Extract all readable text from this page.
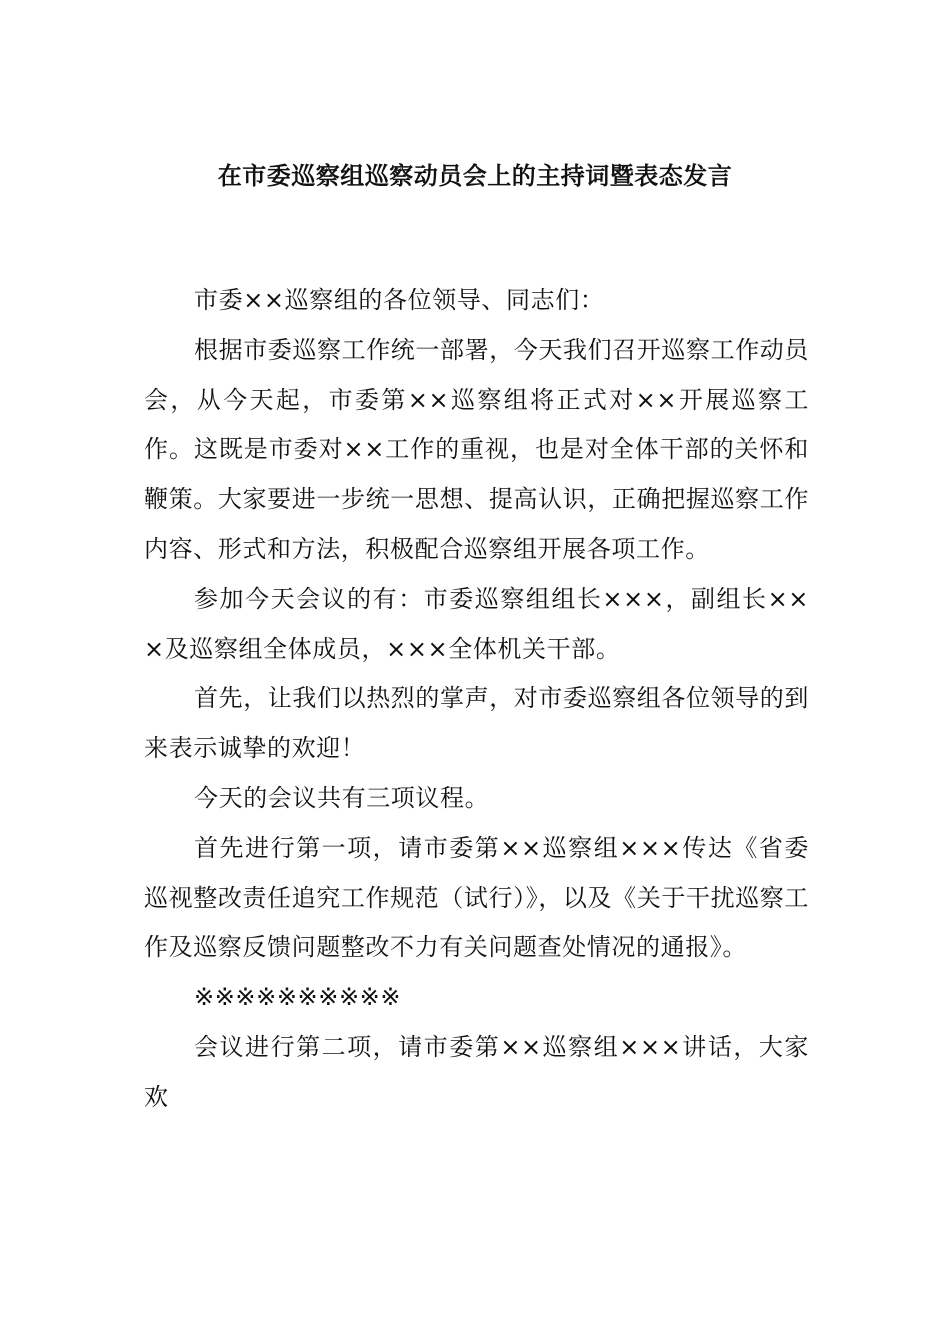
在市委巡察组巡察动员会上的主持词暨表态发言

市委××巡察组的各位领导、同志们：

根据市委巡察工作统一部署，今天我们召开巡察工作动员会，从今天起，市委第××巡察组将正式对××开展巡察工作。这既是市委对××工作的重视，也是对全体干部的关怀和鞭策。大家要进一步统一思想、提高认识，正确把握巡察工作内容、形式和方法，积极配合巡察组开展各项工作。

参加今天会议的有：市委巡察组组长×××，副组长×××及巡察组全体成员，×××全体机关干部。

首先，让我们以热烈的掌声，对市委巡察组各位领导的到来表示诚挚的欢迎！

今天的会议共有三项议程。

首先进行第一项，请市委第××巡察组×××传达《省委巡视整改责任追究工作规范（试行）》，以及《关于干扰巡察工作及巡察反馈问题整改不力有关问题查处情况的通报》。

※※※※※※※※※※

会议进行第二项，请市委第××巡察组×××讲话，大家欢
